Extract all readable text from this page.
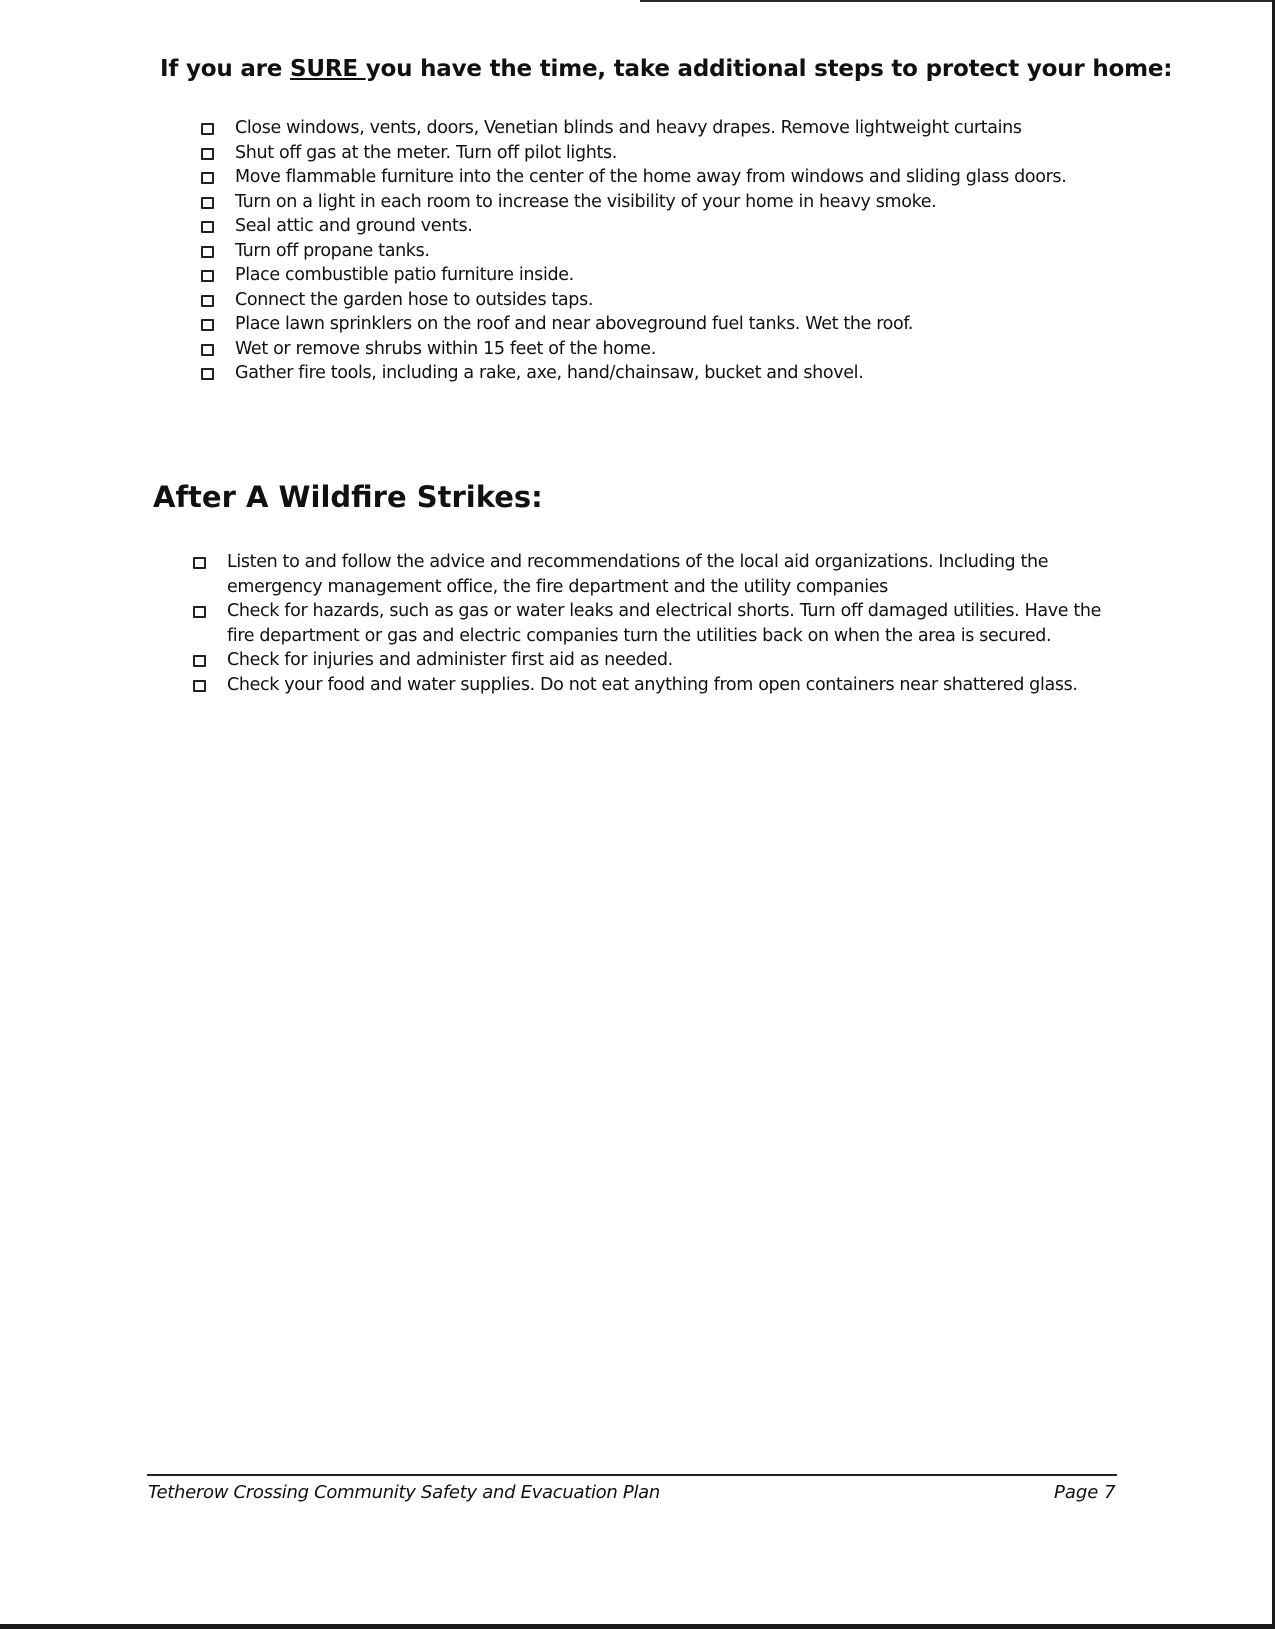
If you are SURE you have the time, take additional steps to protect your home:
Close windows, vents, doors, Venetian blinds and heavy drapes. Remove lightweight curtains
Shut off gas at the meter. Turn off pilot lights.
Move flammable furniture into the center of the home away from windows and sliding glass doors.
Turn on a light in each room to increase the visibility of your home in heavy smoke.
Seal attic and ground vents.
Turn off propane tanks.
Place combustible patio furniture inside.
Connect the garden hose to outsides taps.
Place lawn sprinklers on the roof and near aboveground fuel tanks. Wet the roof.
Wet or remove shrubs within 15 feet of the home.
Gather fire tools, including a rake, axe, hand/chainsaw, bucket and shovel.
After A Wildfire Strikes:
Listen to and follow the advice and recommendations of the local aid organizations. Including the emergency management office, the fire department and the utility companies
Check for hazards, such as gas or water leaks and electrical shorts. Turn off damaged utilities. Have the fire department or gas and electric companies turn the utilities back on when the area is secured.
Check for injuries and administer first aid as needed.
Check your food and water supplies. Do not eat anything from open containers near shattered glass.
Tetherow Crossing Community Safety and Evacuation Plan	Page 7
